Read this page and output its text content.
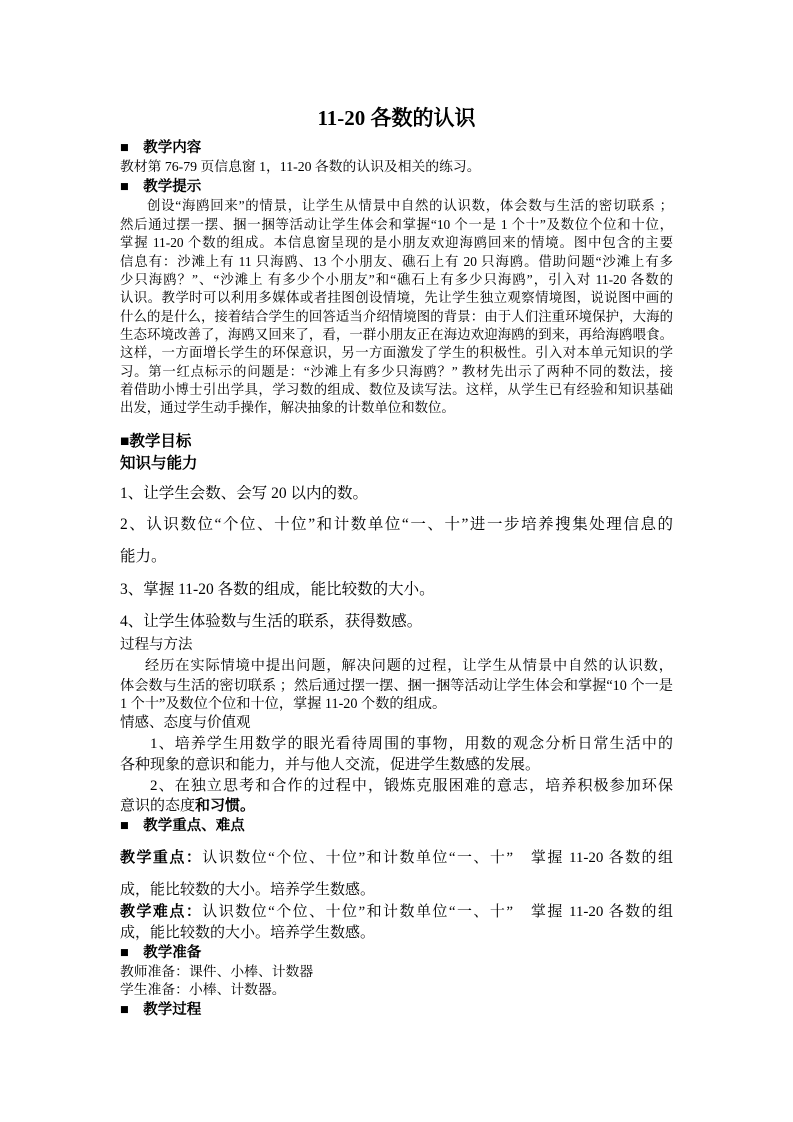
11-20 各数的认识
■　教学内容
教材第 76-79 页信息窗 1，11-20 各数的认识及相关的练习。
■　教学提示
创设“海鸥回来”的情景，让学生从情景中自然的认识数，体会数与生活的密切联系 ；
然后通过摆一摆、捆一捆等活动让学生体会和掌握“10 个一是 1 个十”及数位个位和十位，
掌握 11-20 个数的组成。本信息窗呈现的是小朋友欢迎海鸥回来的情境。图中包含的主要
信息有：沙滩上有 11 只海鸥、13 个小朋友、礁石上有 20 只海鸥。借助问题“沙滩上有多
少只海鸥？”、“沙滩上 有多少个小朋友”和“礁石上有多少只海鸥”，引入对 11-20 各数的
认识。教学时可以利用多媒体或者挂图创设情境，先让学生独立观察情境图，说说图中画的
什么的是什么，接着结合学生的回答适当介绍情境图的背景：由于人们注重环境保护，大海的
生态环境改善了，海鸥又回来了，看，一群小朋友正在海边欢迎海鸥的到来，再给海鸥喂食。
这样，一方面增长学生的环保意识，另一方面激发了学生的积极性。引入对本单元知识的学
习。第一红点标示的问题是：“沙滩上有多少只海鸥？” 教材先出示了两种不同的数法，接
着借助小博士引出学具，学习数的组成、数位及读写法。这样，从学生已有经验和知识基础
出发，通过学生动手操作，解决抽象的计数单位和数位。
■教学目标
知识与能力
1、让学生会数、会写 20 以内的数。
2、认识数位“个位、十位”和计数单位“一、十”进一步培养搜集处理信息的
能力。
3、掌握 11-20 各数的组成，能比较数的大小。
4、让学生体验数与生活的联系，获得数感。
过程与方法
经历在实际情境中提出问题，解决问题的过程，让学生从情景中自然的认识数，
体会数与生活的密切联系 ；然后通过摆一摆、捆一捆等活动让学生体会和掌握“10 个一是
1 个十”及数位个位和十位，掌握 11-20 个数的组成。
情感、态度与价值观
1、培养学生用数学的眼光看待周围的事物，用数的观念分析日常生活中的
各种现象的意识和能力，并与他人交流，促进学生数感的发展。
2、在独立思考和合作的过程中，锻炼克服困难的意志，培养积极参加环保
意识的态度和习惯。
■　教学重点、难点
教学重点：认识数位“个位、十位”和计数单位“一、十”　掌握 11-20 各数的组
成，能比较数的大小。培养学生数感。
教学难点：认识数位“个位、十位”和计数单位“一、十”　掌握 11-20 各数的组
成，能比较数的大小。培养学生数感。
■　教学准备
教师准备：课件、小棒、计数器
学生准备：小棒、计数器。
■　教学过程
